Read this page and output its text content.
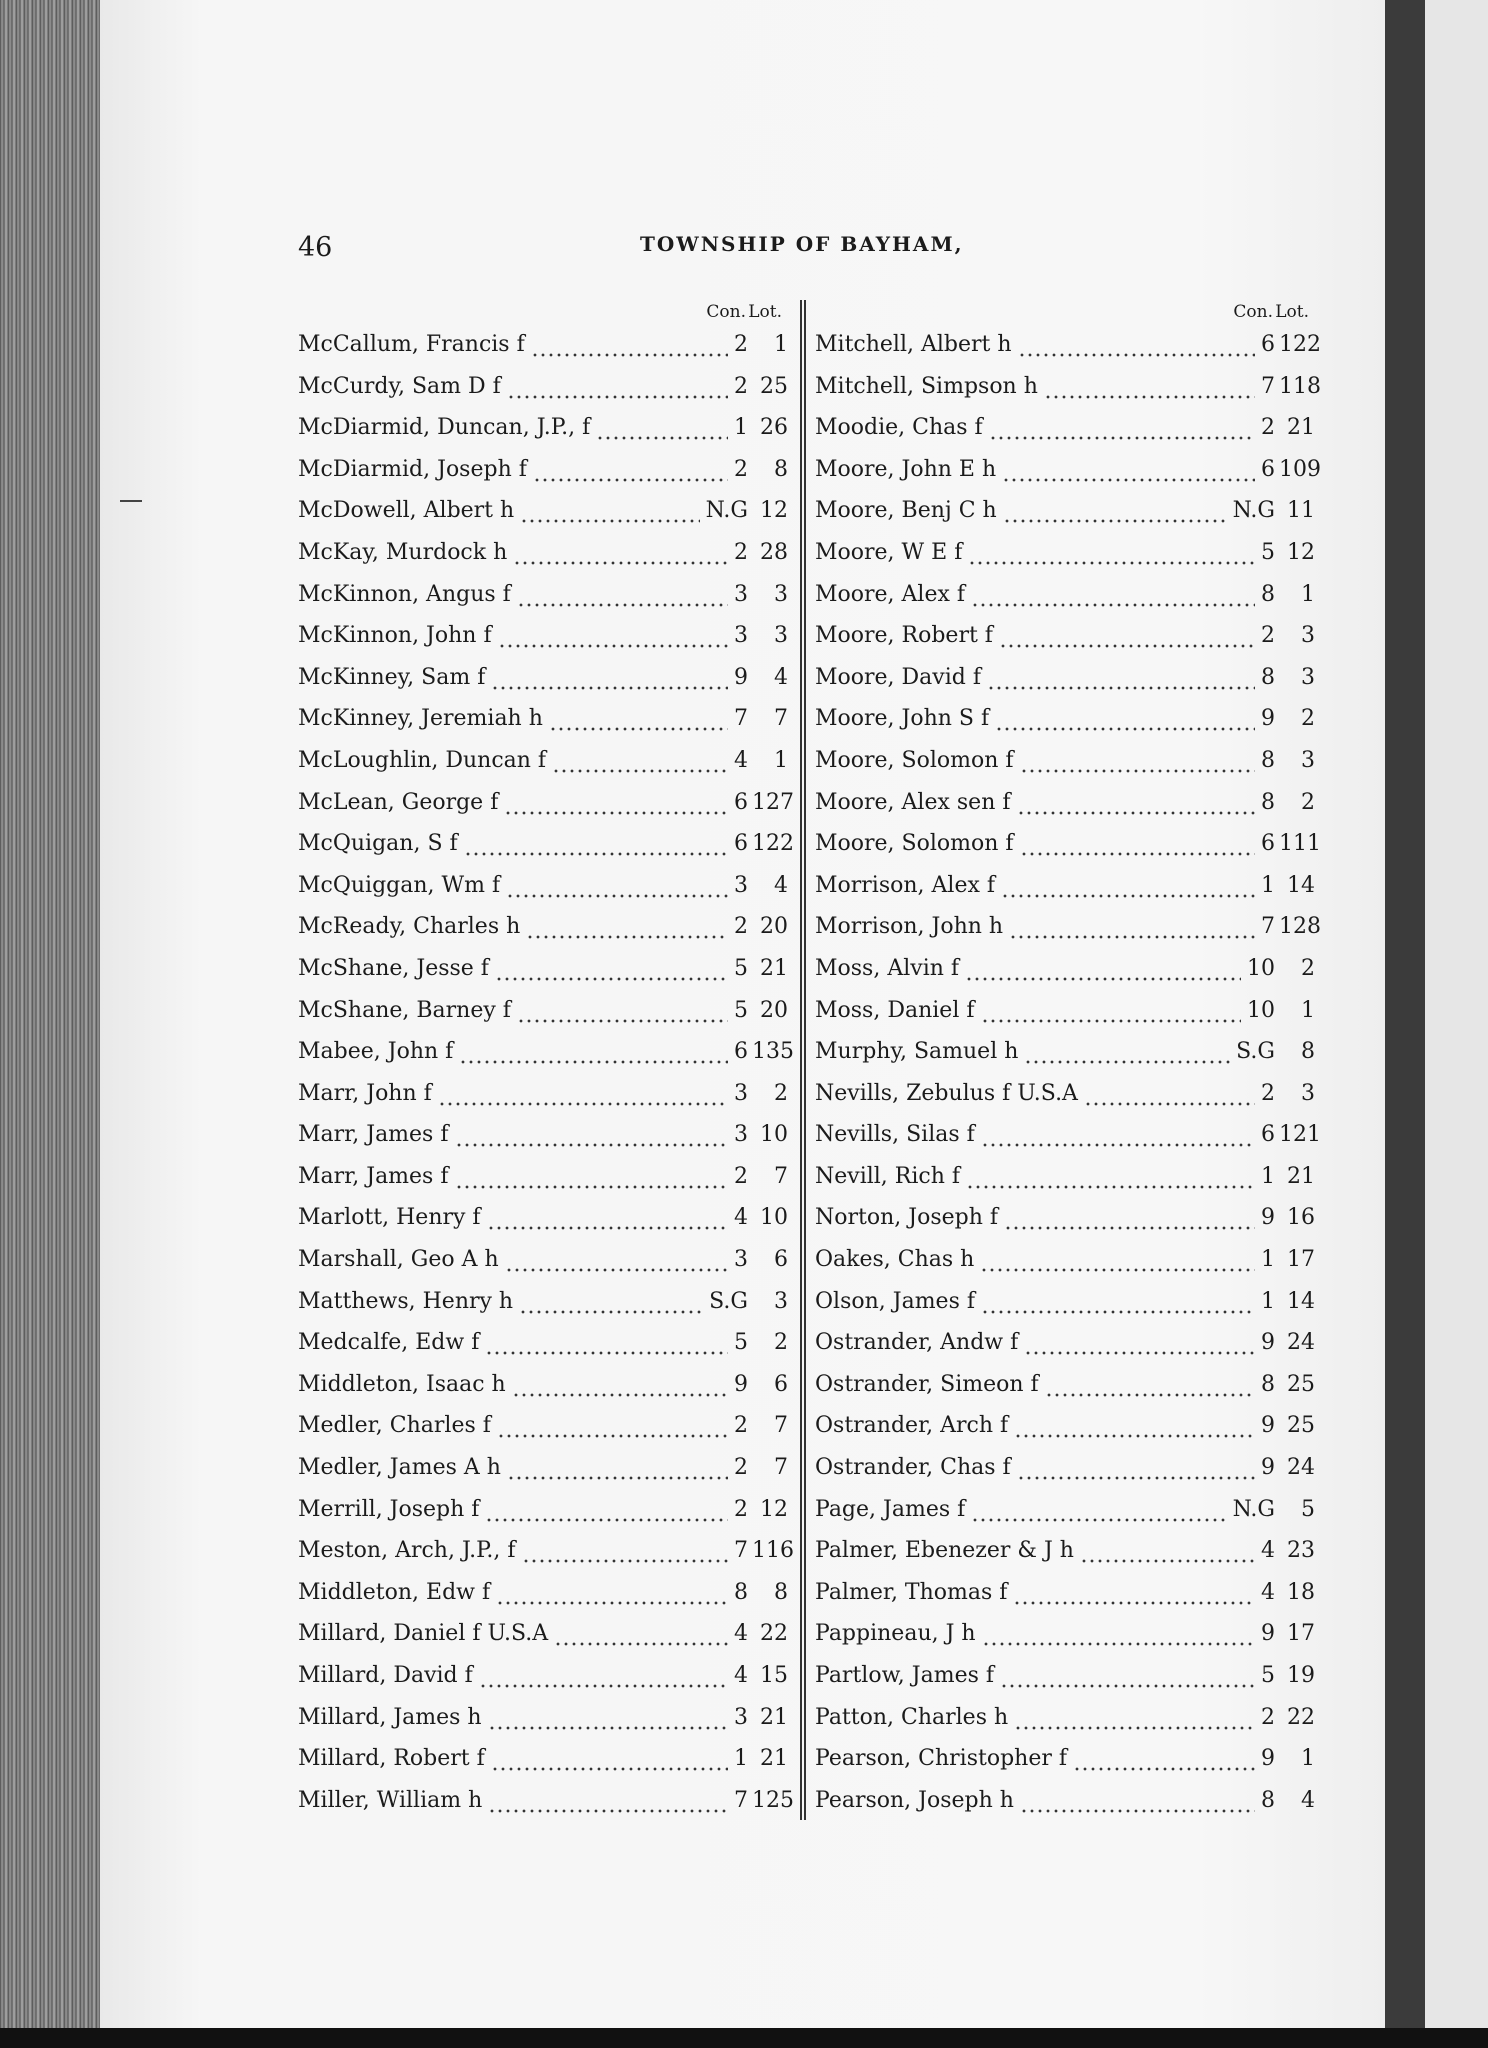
46	TOWNSHIP OF BAYHAM,
Con. Lot.
McCallum, Francis f	2	1
McCurdy, Sam D f	2 25
McDiarmid, Duncan, J.P., f	1 26
McDiarmid, Joseph f	2	8
McDowell, Albert h	N.G 12
McKay, Murdock h	2 28
McKinnon, Angus f	3	3
McKinnon, John f	3	3
McKinney, Sam f	9	4
McKinney, Jeremiah h	7	7
McLoughlin, Duncan f	4	1
McLean, George f	6 127
McQuigan, S f	6 122
McQuiggan, Wm f	3	4
McReady, Charles h	2 20
McShane, Jesse f	5 21
McShane, Barney f	5 20
Mabee, John f	6 135
Marr, John f	3	2
Marr, James f	3 10
Marr, James f	2	7
Marlott, Henry f	4 10
Marshall, Geo A h	3	6
Matthews, Henry h	S.G	3
Medcalfe, Edw f	5	2
Middleton, Isaac h	9	6
Medler, Charles f	2	7
Medler, James A h	2	7
Merrill, Joseph f	2 12
Meston, Arch, J.P., f	7 116
Middleton, Edw f	8	8
Millard, Daniel f U.S.A	4 22
Millard, David f	4 15
Millard, James h	3 21
Millard, Robert f	1 21
Miller, William h	7 125
Con. Lot.
Mitchell, Albert h	6 122
Mitchell, Simpson h	7 118
Moodie, Chas f	2 21
Moore, John E h	6 109
Moore, Benj C h	N.G 11
Moore, W E f	5 12
Moore, Alex f	8	1
Moore, Robert f	2	3
Moore, David f	8	3
Moore, John S f	9	2
Moore, Solomon f	8	3
Moore, Alex sen f	8	2
Moore, Solomon f	6 111
Morrison, Alex f	1 14
Morrison, John h	7 128
Moss, Alvin f	10	2
Moss, Daniel f	10	1
Murphy, Samuel h	S.G	8
Nevills, Zebulus f U.S.A	2	3
Nevills, Silas f	6 121
Nevill, Rich f	1 21
Norton, Joseph f	9 16
Oakes, Chas h	1 17
Olson, James f	1 14
Ostrander, Andw f	9 24
Ostrander, Simeon f	8 25
Ostrander, Arch f	9 25
Ostrander, Chas f	9 24
Page, James f	N.G	5
Palmer, Ebenezer & J h	4 23
Palmer, Thomas f	4 18
Pappineau, J h	9 17
Partlow, James f	5 19
Patton, Charles h	2 22
Pearson, Christopher f	9	1
Pearson, Joseph h	8	4
